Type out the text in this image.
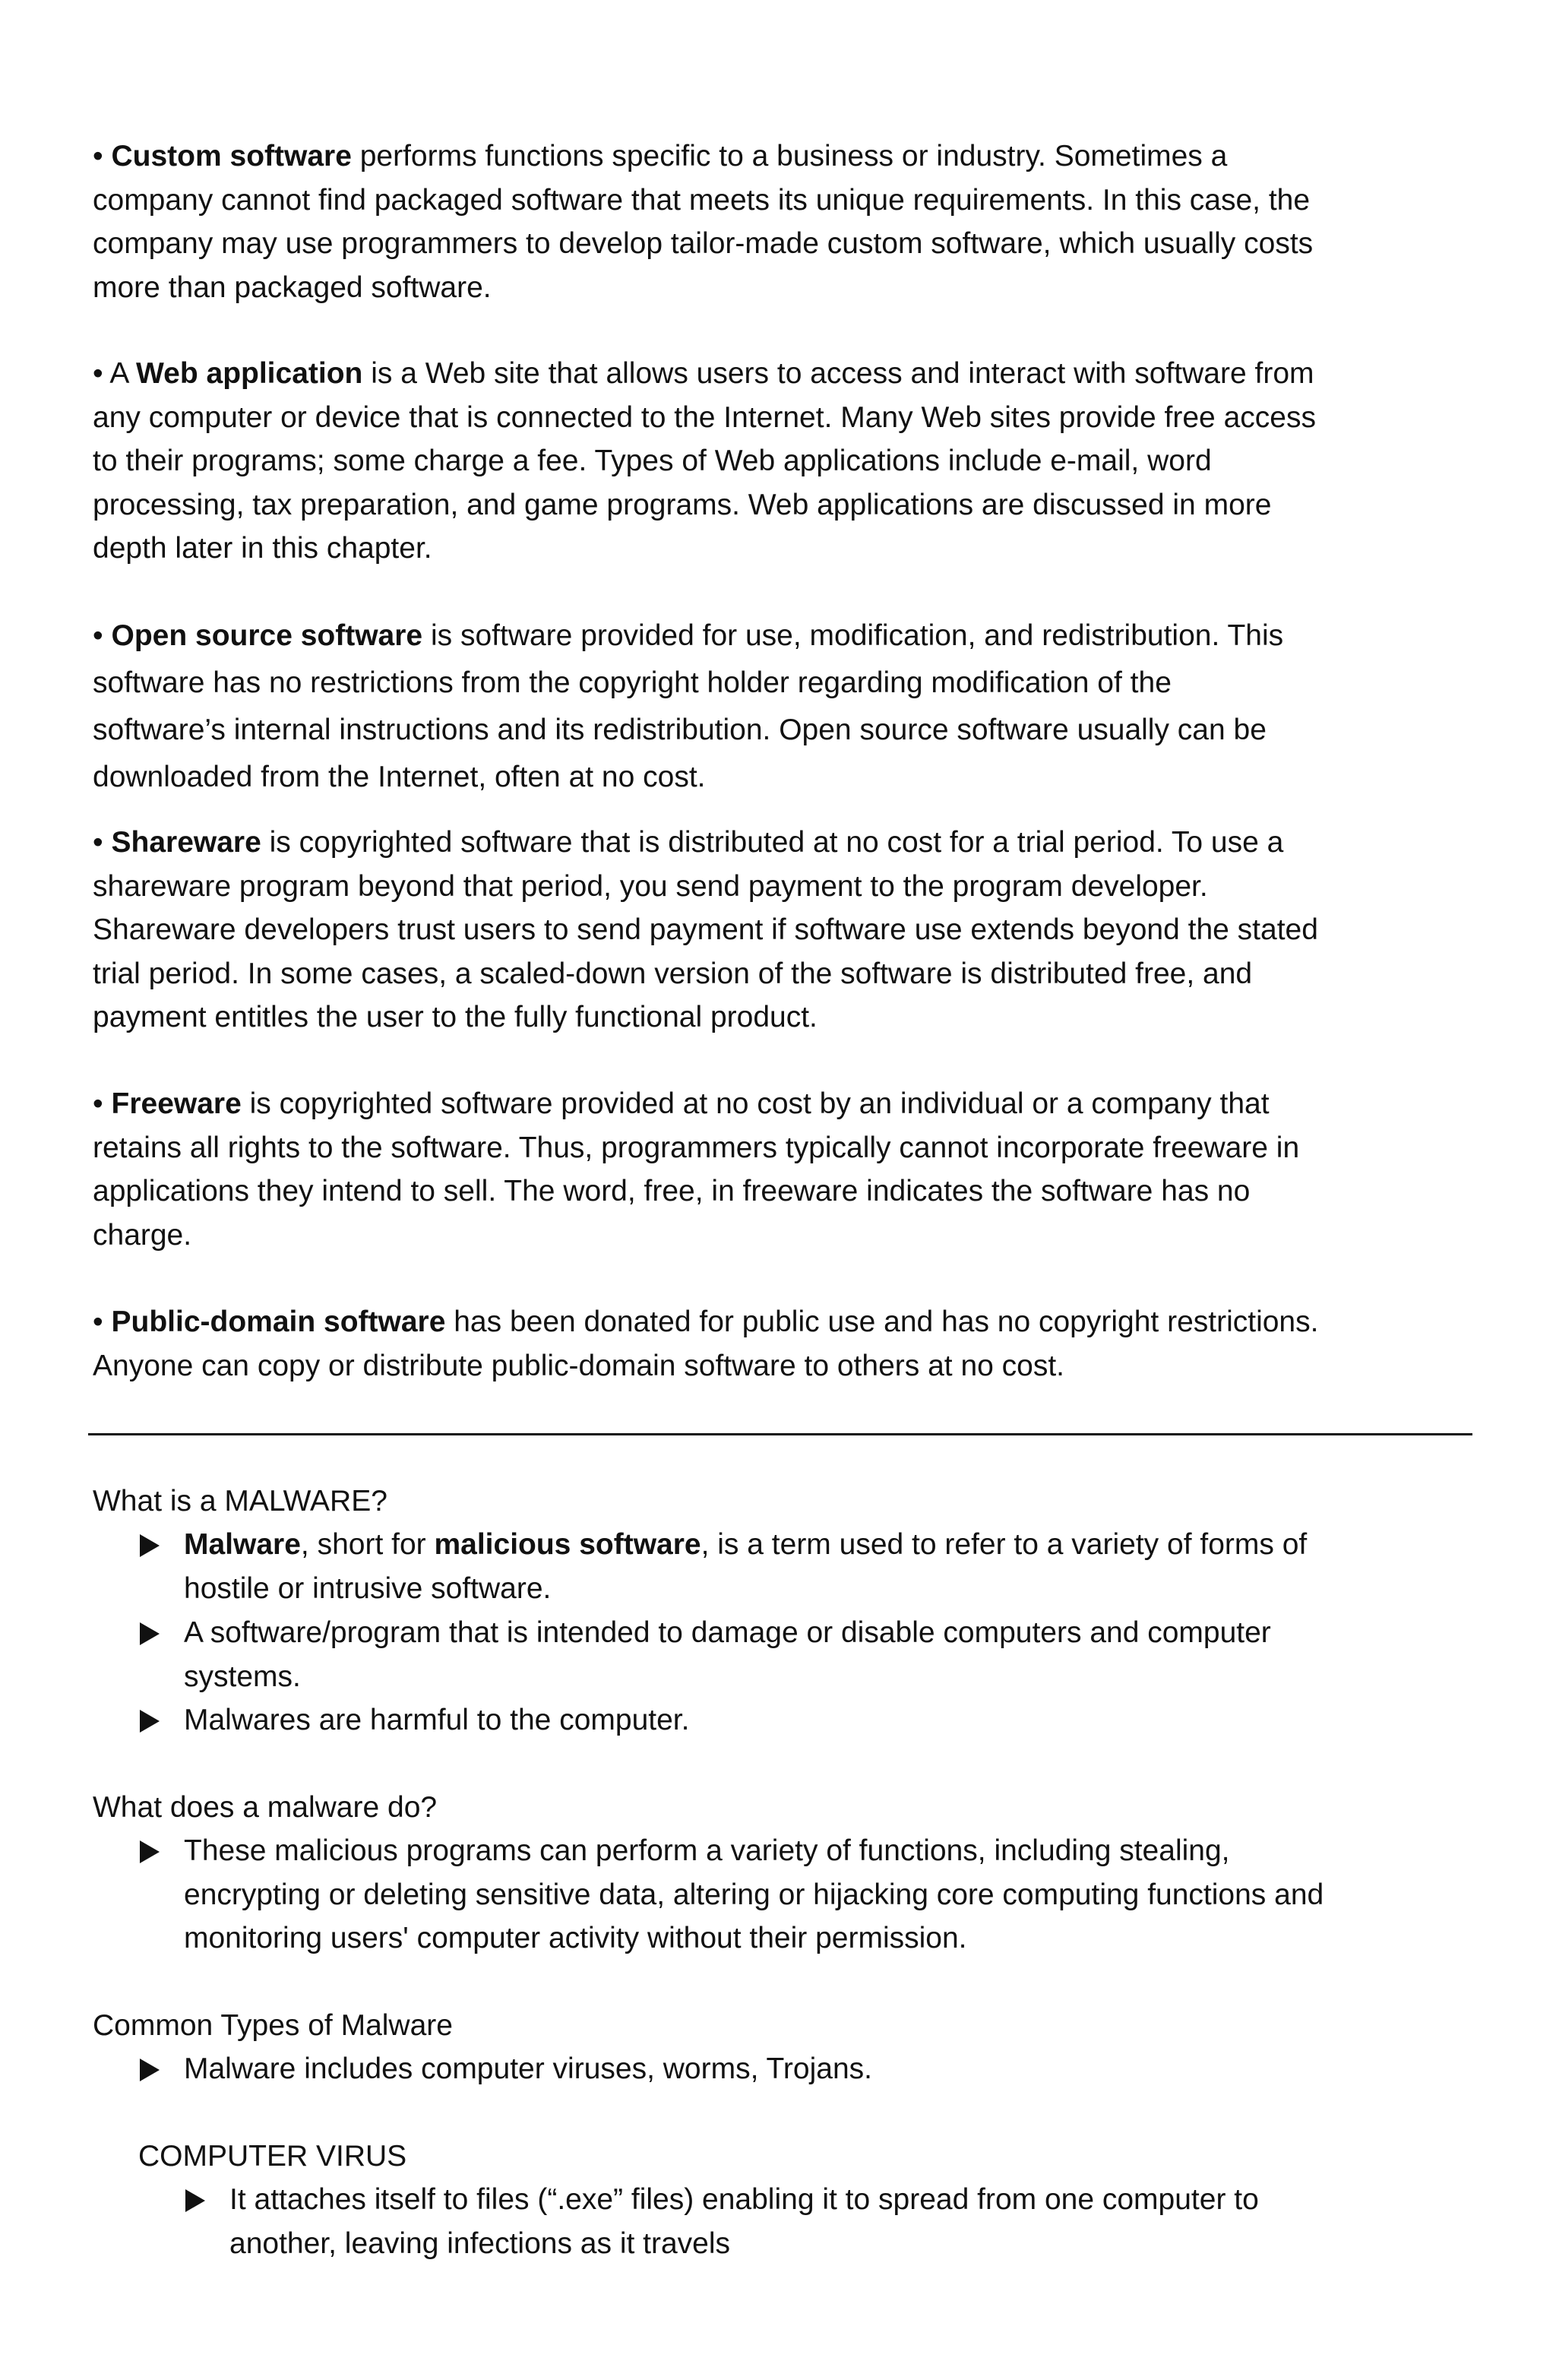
• Custom software performs functions specific to a business or industry. Sometimes a
company cannot find packaged software that meets its unique requirements. In this case, the
company may use programmers to develop tailor-made custom software, which usually costs
more than packaged software.
• A Web application is a Web site that allows users to access and interact with software from
any computer or device that is connected to the Internet. Many Web sites provide free access
to their programs; some charge a fee. Types of Web applications include e-mail, word
processing, tax preparation, and game programs. Web applications are discussed in more
depth later in this chapter.
• Open source software is software provided for use, modification, and redistribution. This
software has no restrictions from the copyright holder regarding modification of the
software’s internal instructions and its redistribution. Open source software usually can be
downloaded from the Internet, often at no cost.
• Shareware is copyrighted software that is distributed at no cost for a trial period. To use a
shareware program beyond that period, you send payment to the program developer.
Shareware developers trust users to send payment if software use extends beyond the stated
trial period. In some cases, a scaled-down version of the software is distributed free, and
payment entitles the user to the fully functional product.
• Freeware is copyrighted software provided at no cost by an individual or a company that
retains all rights to the software. Thus, programmers typically cannot incorporate freeware in
applications they intend to sell. The word, free, in freeware indicates the software has no
charge.
• Public-domain software has been donated for public use and has no copyright restrictions.
Anyone can copy or distribute public-domain software to others at no cost.
What is a MALWARE?
Malware, short for malicious software, is a term used to refer to a variety of forms of
hostile or intrusive software.
A software/program that is intended to damage or disable computers and computer
systems.
Malwares are harmful to the computer.
What does a malware do?
These malicious programs can perform a variety of functions, including stealing,
encrypting or deleting sensitive data, altering or hijacking core computing functions and
monitoring users' computer activity without their permission.
Common Types of Malware
Malware includes computer viruses, worms, Trojans.
COMPUTER VIRUS
It attaches itself to files (“.exe” files) enabling it to spread from one computer to
another, leaving infections as it travels
